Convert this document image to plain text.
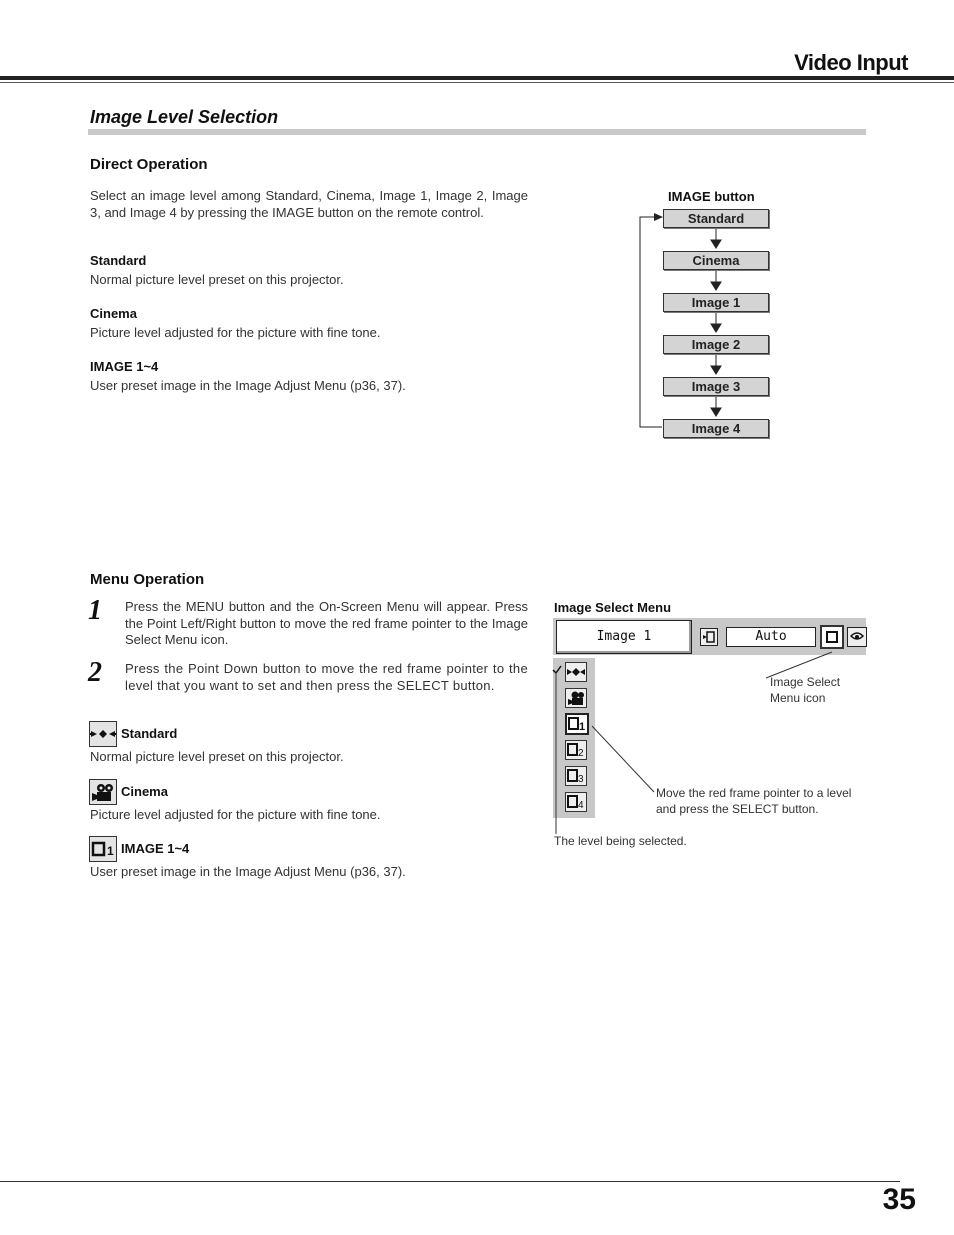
Video Input
Image Level Selection
Direct Operation
Select an image level among Standard, Cinema, Image 1, Image 2, Image 3, and Image 4 by pressing the IMAGE button on the remote control.
Standard
Normal picture level preset on this projector.
Cinema
Picture level adjusted for the picture with fine tone.
IMAGE 1~4
User preset image in the Image Adjust Menu (p36, 37).
IMAGE button
Standard
Cinema
Image 1
Image 2
Image 3
Image 4
Menu Operation
1 Press the MENU button and the On-Screen Menu will appear. Press the Point Left/Right button to move the red frame pointer to the Image Select Menu icon.
2 Press the Point Down button to move the red frame pointer to the level that you want to set and then press the SELECT button.
Standard
Normal picture level preset on this projector.
Cinema
Picture level adjusted for the picture with fine tone.
1 IMAGE 1~4
User preset image in the Image Adjust Menu (p36, 37).
Image Select Menu
Image 1	Auto
1
2
3
4
Image Select
Menu icon
Move the red frame pointer to a level
and press the SELECT button.
The level being selected.
35
